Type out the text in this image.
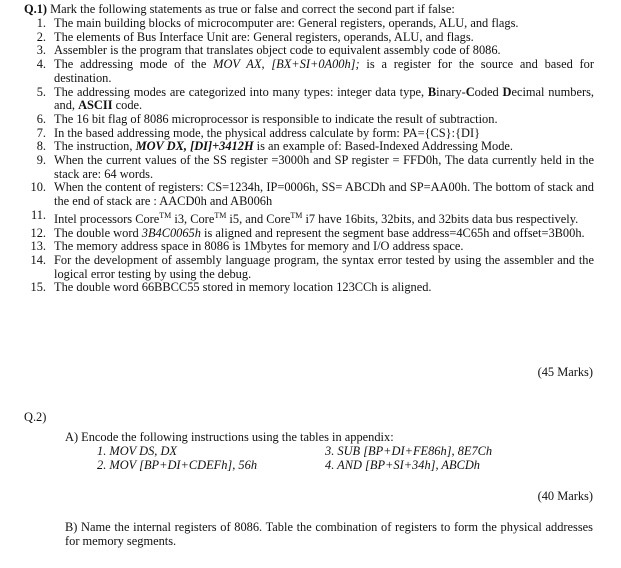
Q.1) Mark the following statements as true or false and correct the second part if false:
1. The main building blocks of microcomputer are: General registers, operands, ALU, and flags.
2. The elements of Bus Interface Unit are: General registers, operands, ALU, and flags.
3. Assembler is the program that translates object code to equivalent assembly code of 8086.
4. The addressing mode of the MOV AX, [BX+SI+0A00h]; is a register for the source and based for destination.
5. The addressing modes are categorized into many types: integer data type, Binary-Coded Decimal numbers, and, ASCII code.
6. The 16 bit flag of 8086 microprocessor is responsible to indicate the result of subtraction.
7. In the based addressing mode, the physical address calculate by form: PA={CS}:{DI}
8. The instruction, MOV DX, [DI]+3412H is an example of: Based-Indexed Addressing Mode.
9. When the current values of the SS register =3000h and SP register = FFD0h, The data currently held in the stack are: 64 words.
10. When the content of registers: CS=1234h, IP=0006h, SS= ABCDh and SP=AA00h. The bottom of stack and the end of stack are : AACD0h and AB006h
11. Intel processors Core™ i3, Core™ i5, and Core™ i7 have 16bits, 32bits, and 32bits data bus respectively.
12. The double word 3B4C0065h is aligned and represent the segment base address=4C65h and offset=3B00h.
13. The memory address space in 8086 is 1Mbytes for memory and I/O address space.
14. For the development of assembly language program, the syntax error tested by using the assembler and the logical error testing by using the debug.
15. The double word 66BBCC55 stored in memory location 123CCh is aligned.
(45 Marks)
Q.2)
A) Encode the following instructions using the tables in appendix:
1. MOV DS, DX
2. MOV [BP+DI+CDEFh], 56h
3. SUB [BP+DI+FE86h], 8E7Ch
4. AND [BP+SI+34h], ABCDh
(40 Marks)
B) Name the internal registers of 8086. Table the combination of registers to form the physical addresses for memory segments.
